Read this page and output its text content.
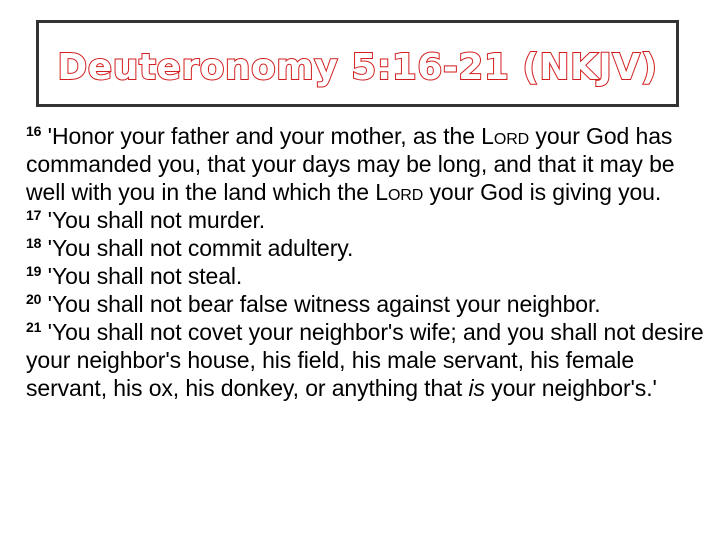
Deuteronomy 5:16-21 (NKJV)
$^{16}$ 'Honor your father and your mother, as the Lord your God has commanded you, that your days may be long, and that it may be well with you in the land which the Lord your God is giving you.
$^{17}$ 'You shall not murder.
$^{18}$ 'You shall not commit adultery.
$^{19}$ 'You shall not steal.
$^{20}$ 'You shall not bear false witness against your neighbor.
$^{21}$ 'You shall not covet your neighbor's wife; and you shall not desire your neighbor's house, his field, his male servant, his female servant, his ox, his donkey, or anything that is your neighbor's.'
